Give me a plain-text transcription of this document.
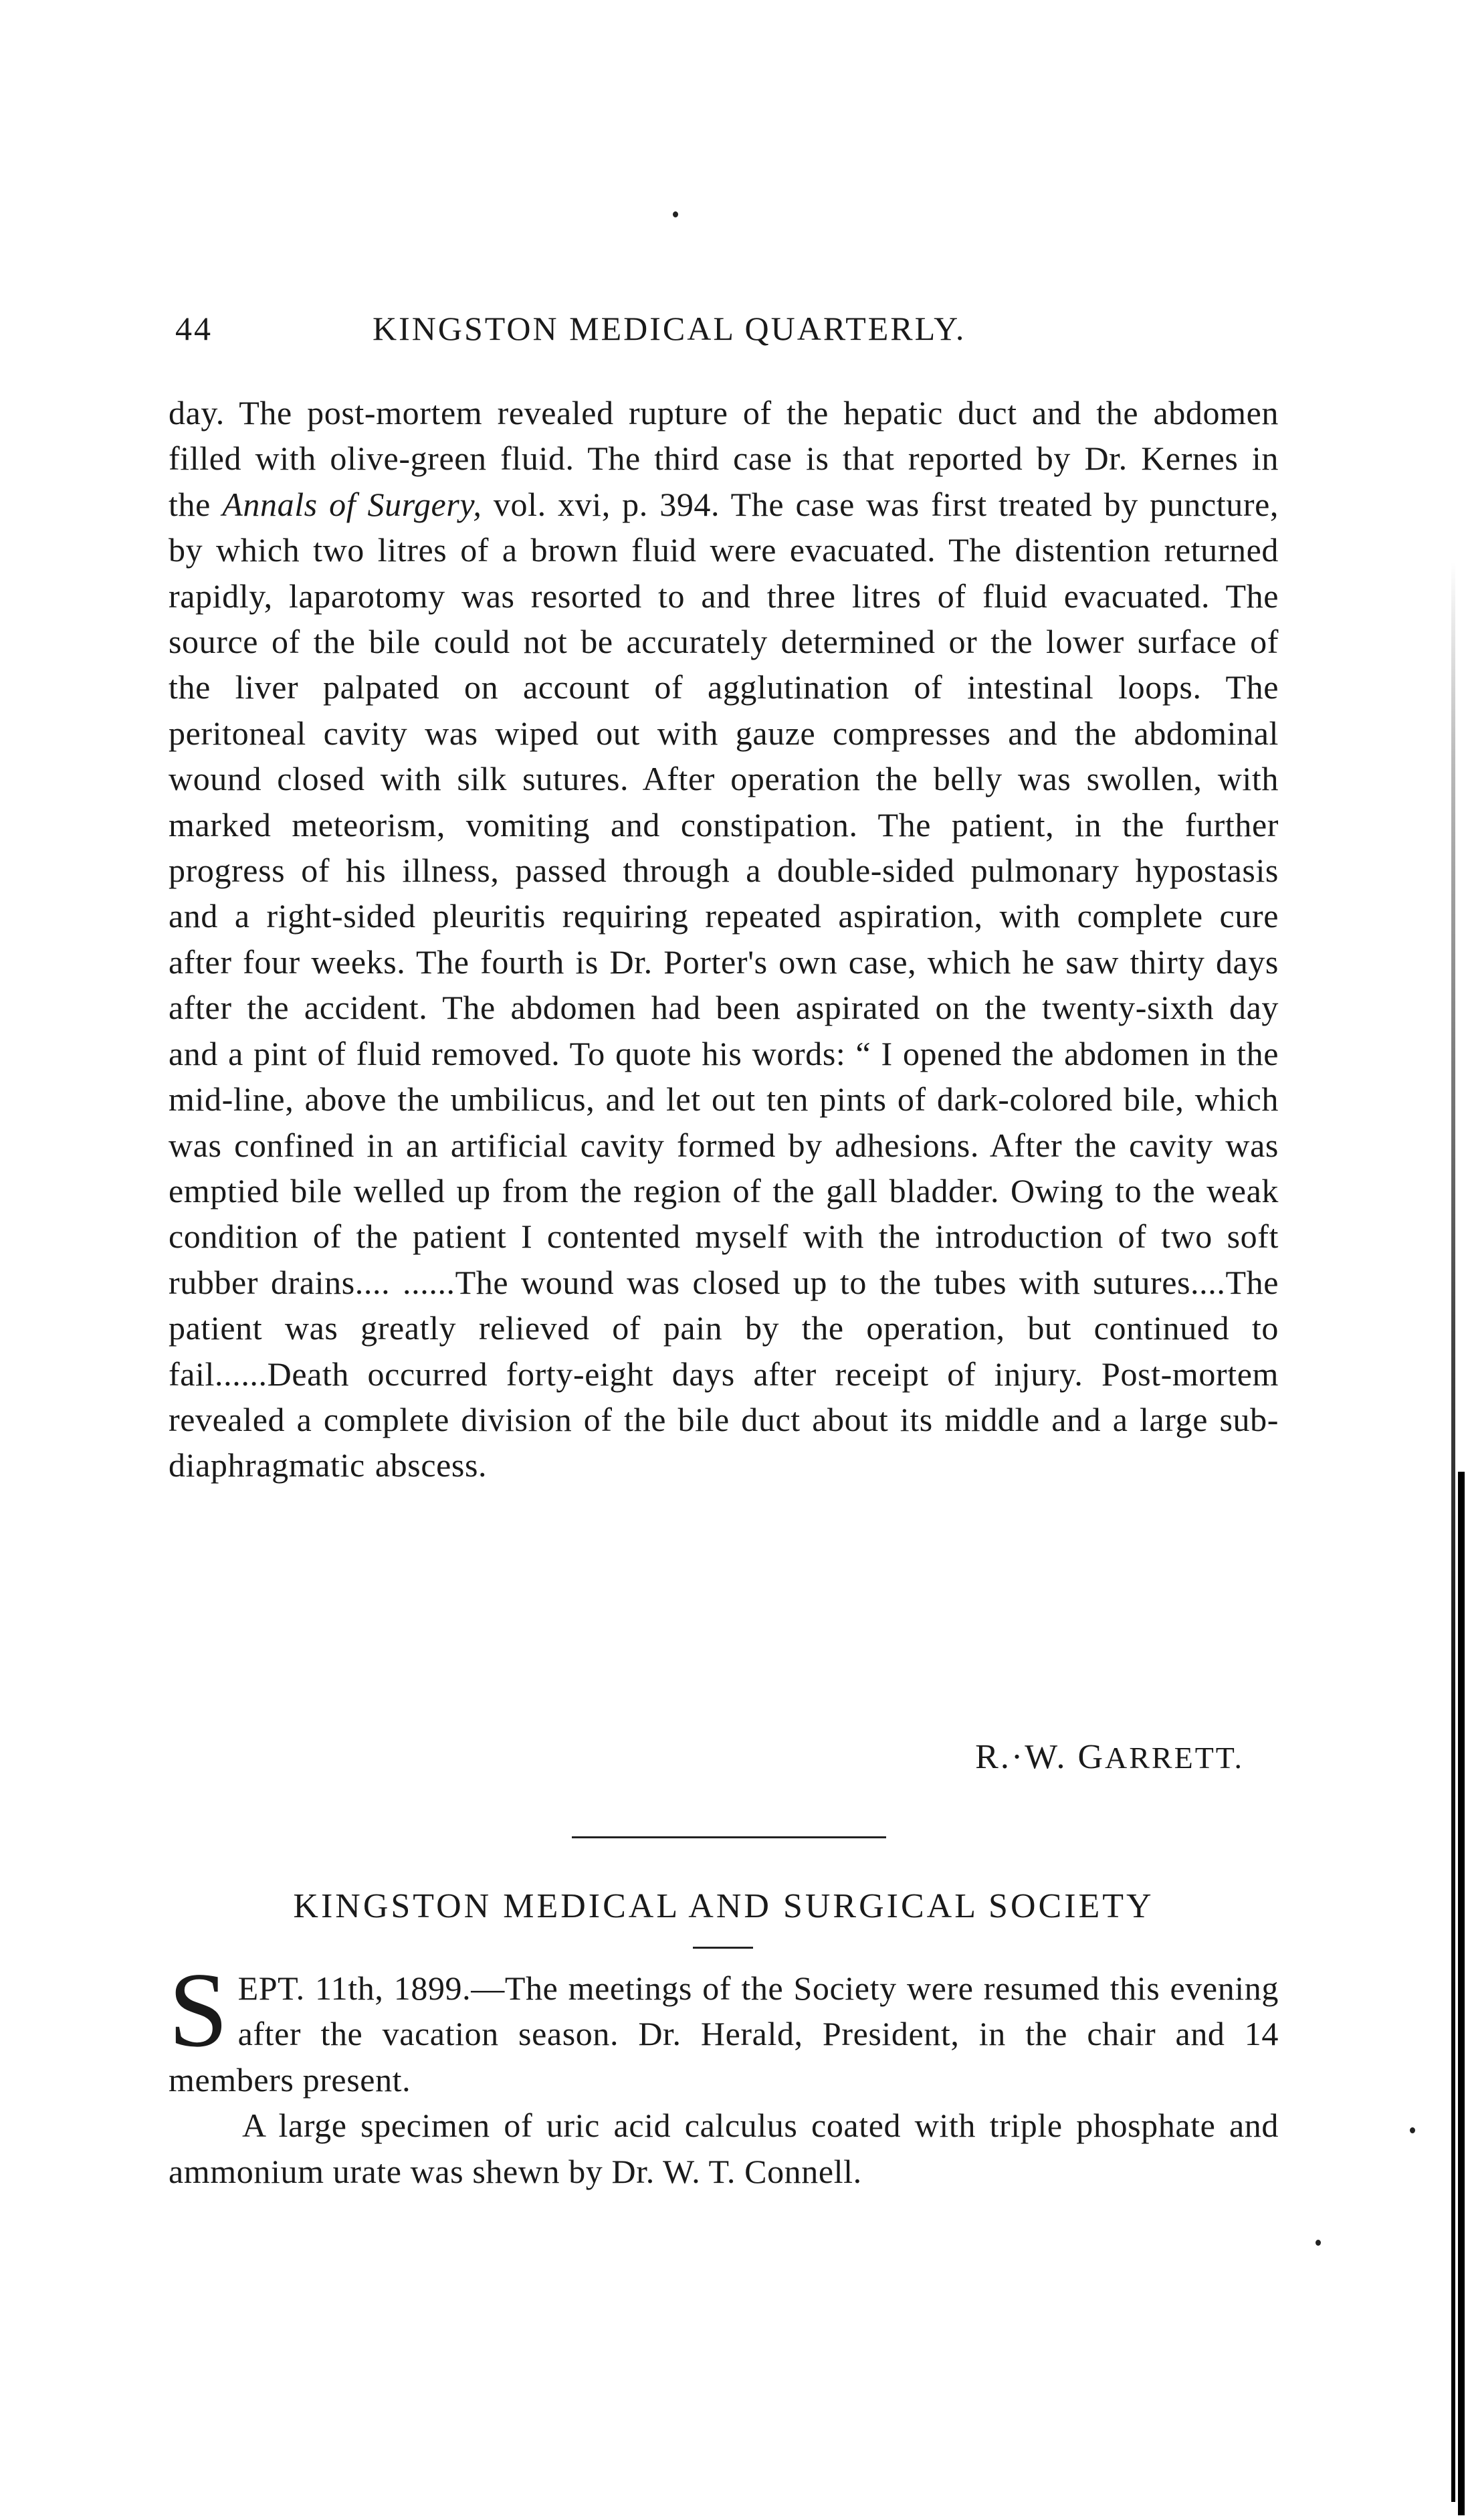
44	KINGSTON MEDICAL QUARTERLY.

day. The post-mortem revealed rupture of the hepatic duct and the abdomen filled with olive-green fluid. The third case is that reported by Dr. Kernes in the Annals of Surgery, vol. xvi, p. 394. The case was first treated by puncture, by which two litres of a brown fluid were evacuated. The distention returned rapidly, laparotomy was resorted to and three litres of fluid evacuated. The source of the bile could not be accurately determined or the lower surface of the liver palpated on account of agglutination of intestinal loops. The peritoneal cavity was wiped out with gauze compresses and the abdominal wound closed with silk sutures. After operation the belly was swollen, with marked meteorism, vomiting and constipation. The patient, in the further progress of his illness, passed through a double-sided pulmonary hypostasis and a right-sided pleuritis requiring repeated aspiration, with complete cure after four weeks. The fourth is Dr. Porter's own case, which he saw thirty days after the accident. The abdomen had been aspirated on the twenty-sixth day and a pint of fluid removed. To quote his words: “ I opened the abdomen in the mid-line, above the umbilicus, and let out ten pints of dark-colored bile, which was confined in an artificial cavity formed by adhesions. After the cavity was emptied bile welled up from the region of the gall bladder. Owing to the weak condition of the patient I contented myself with the introduction of two soft rubber drains.... ......The wound was closed up to the tubes with sutures....The patient was greatly relieved of pain by the operation, but continued to fail......Death occurred forty-eight days after receipt of injury. Post-mortem revealed a complete division of the bile duct about its middle and a large sub-diaphragmatic abscess.

R.·W. GARRETT.
KINGSTON MEDICAL AND SURGICAL SOCIETY

SEPT. 11th, 1899.—The meetings of the Society were resumed this evening after the vacation season. Dr. Herald, President, in the chair and 14 members present.

A large specimen of uric acid calculus coated with triple phosphate and ammonium urate was shewn by Dr. W. T. Connell.
